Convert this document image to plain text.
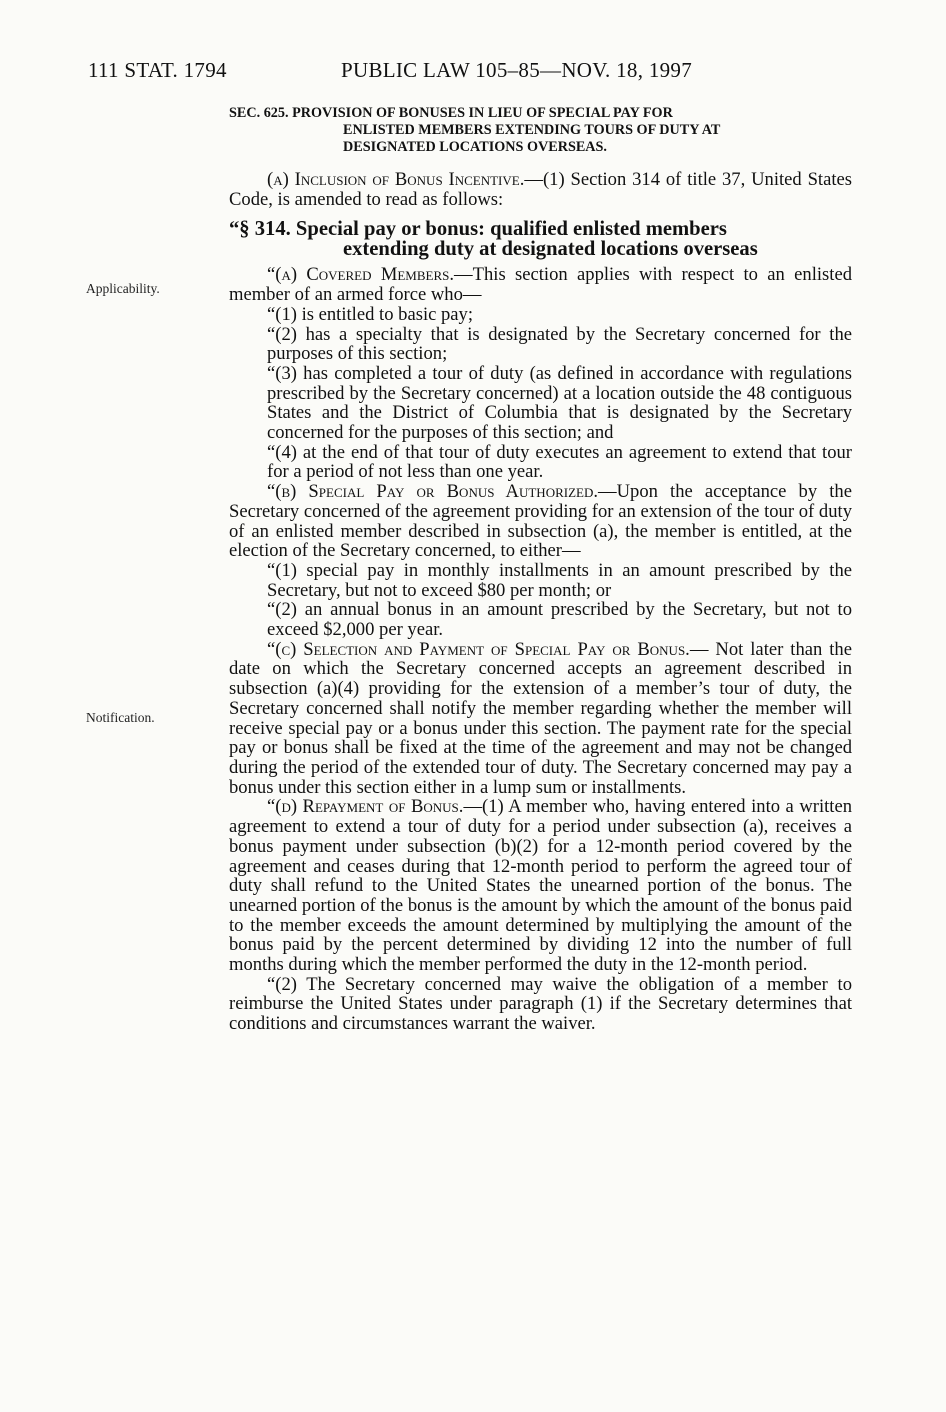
111 STAT. 1794	PUBLIC LAW 105–85—NOV. 18, 1997
Applicability.
Notification.
SEC. 625. PROVISION OF BONUSES IN LIEU OF SPECIAL PAY FOR
ENLISTED MEMBERS EXTENDING TOURS OF DUTY AT
DESIGNATED LOCATIONS OVERSEAS.

(a) Inclusion of Bonus Incentive.—(1) Section 314 of title 37, United States Code, is amended to read as follows:

“§ 314. Special pay or bonus: qualified enlisted members
extending duty at designated locations overseas

“(a) Covered Members.—This section applies with respect to an enlisted member of an armed force who—

“(1) is entitled to basic pay;

“(2) has a specialty that is designated by the Secretary concerned for the purposes of this section;

“(3) has completed a tour of duty (as defined in accordance with regulations prescribed by the Secretary concerned) at a location outside the 48 contiguous States and the District of Columbia that is designated by the Secretary concerned for the purposes of this section; and

“(4) at the end of that tour of duty executes an agreement to extend that tour for a period of not less than one year.

“(b) Special Pay or Bonus Authorized.—Upon the acceptance by the Secretary concerned of the agreement providing for an extension of the tour of duty of an enlisted member described in subsection (a), the member is entitled, at the election of the Secretary concerned, to either—

“(1) special pay in monthly installments in an amount prescribed by the Secretary, but not to exceed $80 per month; or

“(2) an annual bonus in an amount prescribed by the Secretary, but not to exceed $2,000 per year.

“(c) Selection and Payment of Special Pay or Bonus.— Not later than the date on which the Secretary concerned accepts an agreement described in subsection (a)(4) providing for the extension of a member’s tour of duty, the Secretary concerned shall notify the member regarding whether the member will receive special pay or a bonus under this section. The payment rate for the special pay or bonus shall be fixed at the time of the agreement and may not be changed during the period of the extended tour of duty. The Secretary concerned may pay a bonus under this section either in a lump sum or installments.

“(d) Repayment of Bonus.—(1) A member who, having entered into a written agreement to extend a tour of duty for a period under subsection (a), receives a bonus payment under subsection (b)(2) for a 12-month period covered by the agreement and ceases during that 12-month period to perform the agreed tour of duty shall refund to the United States the unearned portion of the bonus. The unearned portion of the bonus is the amount by which the amount of the bonus paid to the member exceeds the amount determined by multiplying the amount of the bonus paid by the percent determined by dividing 12 into the number of full months during which the member performed the duty in the 12-month period.

“(2) The Secretary concerned may waive the obligation of a member to reimburse the United States under paragraph (1) if the Secretary determines that conditions and circumstances warrant the waiver.
